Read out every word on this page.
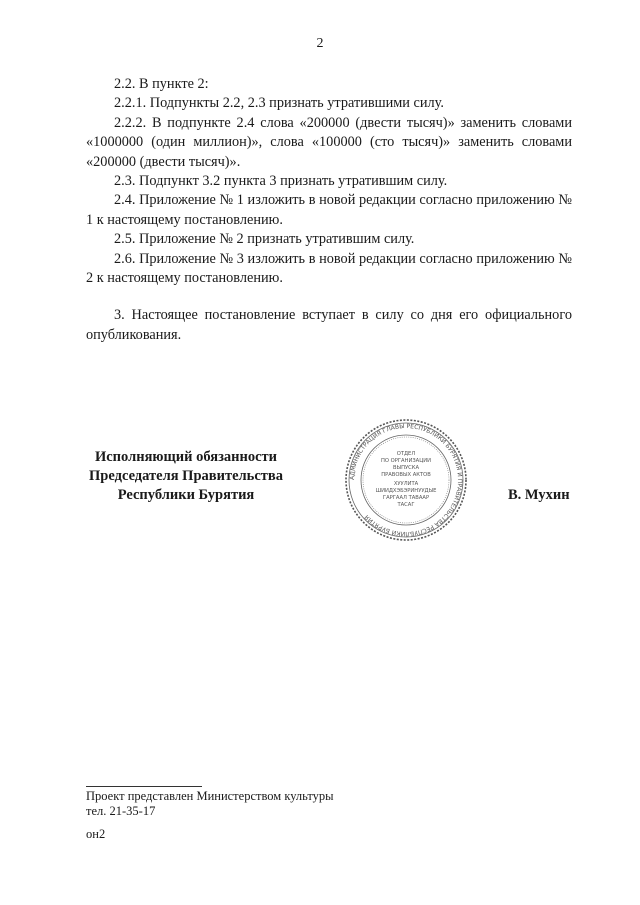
2

2.2. В пункте 2:

2.2.1. Подпункты 2.2, 2.3 признать утратившими силу.

2.2.2. В подпункте 2.4 слова «200000 (двести тысяч)» заменить словами «1000000 (один миллион)», слова «100000 (сто тысяч)» заменить словами «200000 (двести тысяч)».

2.3. Подпункт 3.2 пункта 3 признать утратившим силу.

2.4. Приложение № 1 изложить в новой редакции согласно приложению № 1 к настоящему постановлению.

2.5. Приложение № 2 признать утратившим силу.

2.6. Приложение № 3 изложить в новой редакции согласно приложению № 2 к настоящему постановлению.

3. Настоящее постановление вступает в силу со дня его официального опубликования.

Исполняющий обязанности
Председателя Правительства
Республики Бурятия
АДМИНИСТРАЦИЯ ГЛАВЫ РЕСПУБЛИКИ БУРЯТИЯ И ПРАВИТЕЛЬСТВА РЕСПУБЛИКИ БУРЯТИЯ
ОТДЕЛ
ПО ОРГАНИЗАЦИИ
ВЫПУСКА
ПРАВОВЫХ АКТОВ
ХУУЛИТА
ШИИДХЭБЭРИНУУДЫЕ
ГАРГААЛ ТАВААР
ТАСАГ
В. Мухин
Проект представлен Министерством культуры
тел. 21-35-17
он2
